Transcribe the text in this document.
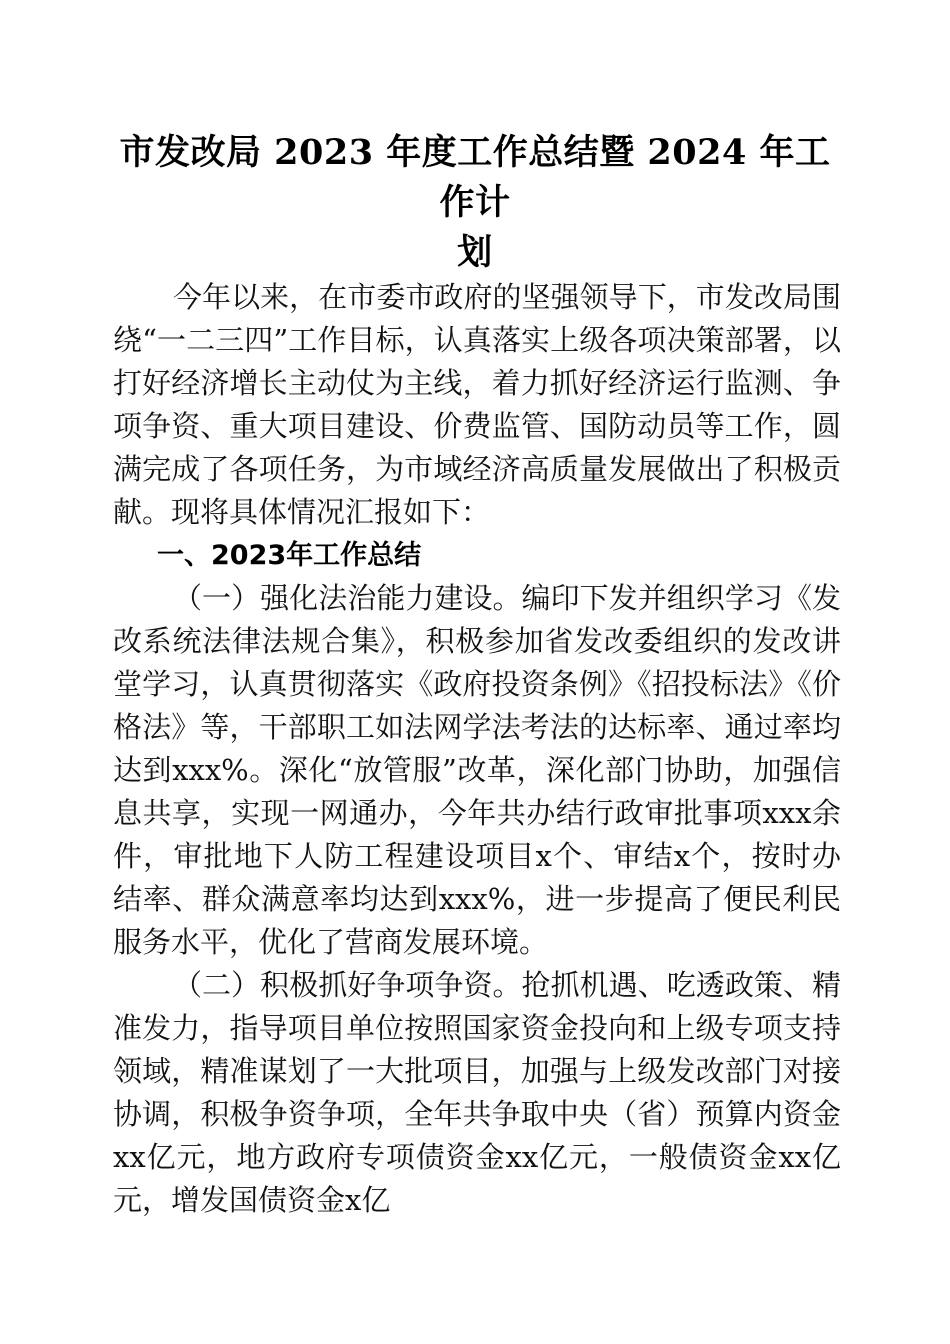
市发改局 2023 年度工作总结暨 2024 年工作计
划

今年以来，在市委市政府的坚强领导下，市发改局围绕“一二三四”工作目标，认真落实上级各项决策部署，以打好经济增长主动仗为主线，着力抓好经济运行监测、争项争资、重大项目建设、价费监管、国防动员等工作，圆满完成了各项任务，为市域经济高质量发展做出了积极贡献。现将具体情况汇报如下：

一、2023年工作总结

（一）强化法治能力建设。编印下发并组织学习《发改系统法律法规合集》，积极参加省发改委组织的发改讲堂学习，认真贯彻落实《政府投资条例》《招投标法》《价格法》等，干部职工如法网学法考法的达标率、通过率均达到xxx%。深化“放管服”改革，深化部门协助，加强信息共享，实现一网通办，今年共办结行政审批事项xxx余件，审批地下人防工程建设项目x个、审结x个，按时办结率、群众满意率均达到xxx%，进一步提高了便民利民服务水平，优化了营商发展环境。

（二）积极抓好争项争资。抢抓机遇、吃透政策、精准发力，指导项目单位按照国家资金投向和上级专项支持领域，精准谋划了一大批项目，加强与上级发改部门对接协调，积极争资争项，全年共争取中央（省）预算内资金xx亿元，地方政府专项债资金xx亿元，一般债资金xx亿元，增发国债资金x亿
